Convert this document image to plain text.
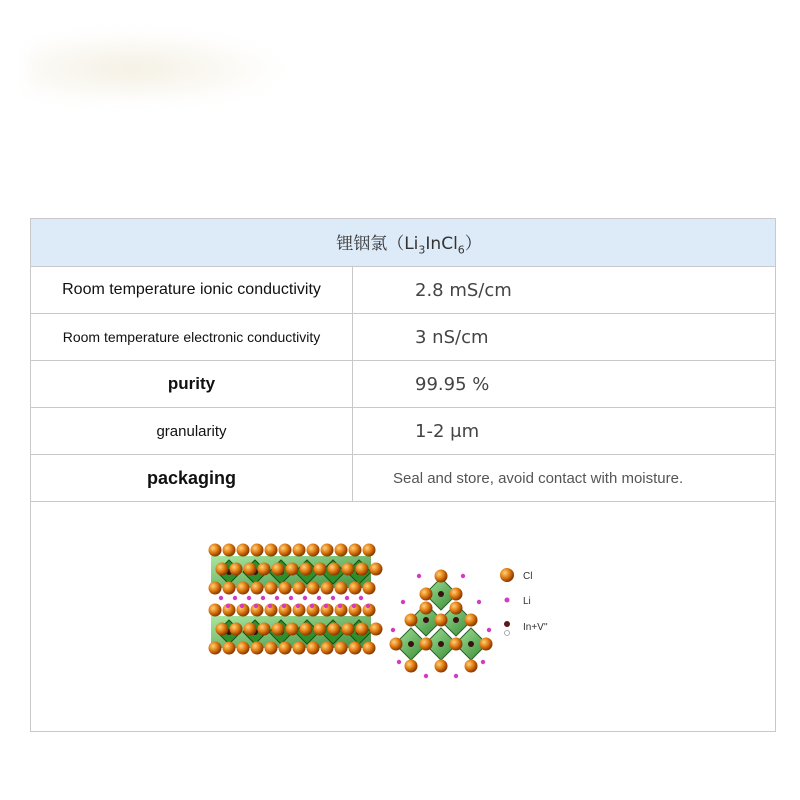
锂铟氯$(Li_3InCl_6)$
Room temperature ionic conductivity	2.8 mS/cm
Room temperature electronic conductivity	3 nS/cm
purity	99.95 %
granularity	1-2 μm
packaging	Seal and store, avoid contact with moisture.
Cl
Li
In+V''
